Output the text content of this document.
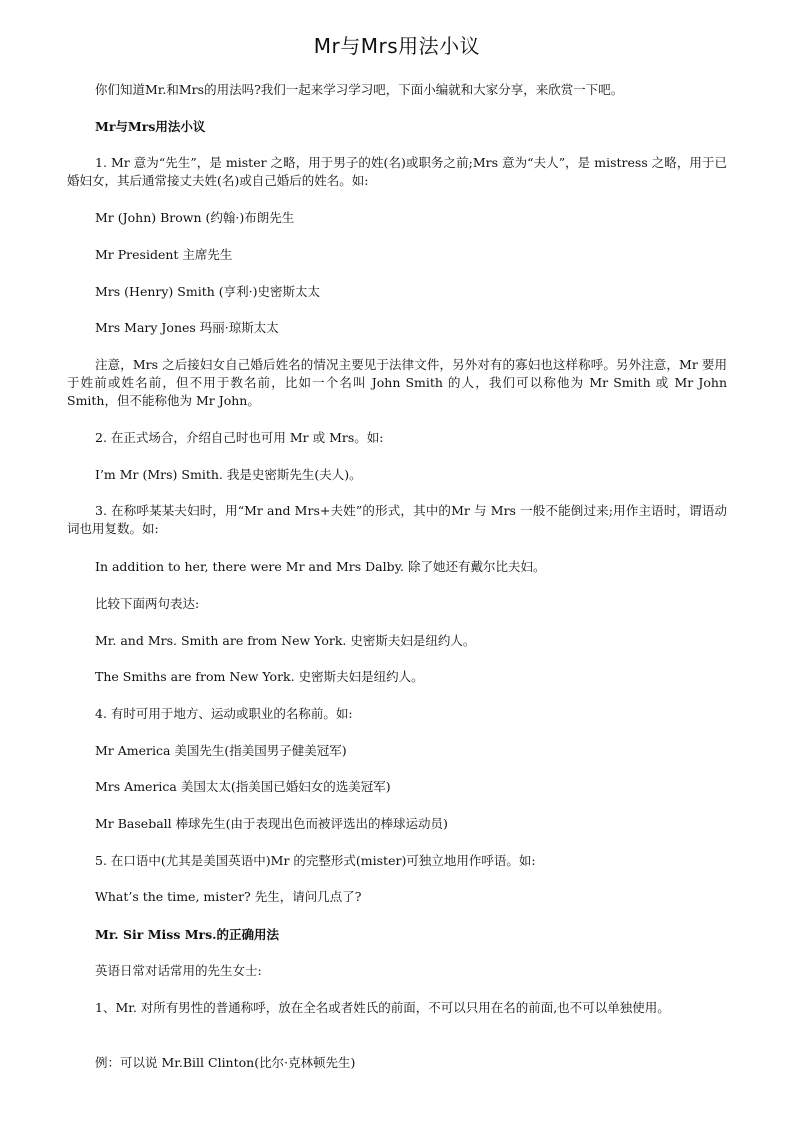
Mr与Mrs用法小议

你们知道Mr.和Mrs的用法吗?我们一起来学习学习吧，下面小编就和大家分享，来欣赏一下吧。

Mr与Mrs用法小议

1. Mr 意为“先生”，是 mister 之略，用于男子的姓(名)或职务之前;Mrs 意为“夫人”，是 mistress 之略，用于已婚妇女，其后通常接丈夫姓(名)或自己婚后的姓名。如:

Mr (John) Brown (约翰·)布朗先生

Mr President 主席先生

Mrs (Henry) Smith (亨利·)史密斯太太

Mrs Mary Jones 玛丽·琼斯太太

注意，Mrs 之后接妇女自己婚后姓名的情况主要见于法律文件，另外对有的寡妇也这样称呼。另外注意，Mr 要用于姓前或姓名前，但不用于教名前，比如一个名叫 John Smith 的人，我们可以称他为 Mr Smith 或 Mr John Smith，但不能称他为 Mr John。

2. 在正式场合，介绍自己时也可用 Mr 或 Mrs。如:

I’m Mr (Mrs) Smith. 我是史密斯先生(夫人)。

3. 在称呼某某夫妇时，用“Mr and Mrs+夫姓”的形式，其中的Mr 与 Mrs 一般不能倒过来;用作主语时，谓语动词也用复数。如:

In addition to her, there were Mr and Mrs Dalby. 除了她还有戴尔比夫妇。

比较下面两句表达:

Mr. and Mrs. Smith are from New York. 史密斯夫妇是纽约人。

The Smiths are from New York. 史密斯夫妇是纽约人。

4. 有时可用于地方、运动或职业的名称前。如:

Mr America 美国先生(指美国男子健美冠军)

Mrs America 美国太太(指美国已婚妇女的选美冠军)

Mr Baseball 棒球先生(由于表现出色而被评选出的棒球运动员)

5. 在口语中(尤其是美国英语中)Mr 的完整形式(mister)可独立地用作呼语。如:

What’s the time, mister? 先生，请问几点了?

Mr. Sir Miss Mrs.的正确用法

英语日常对话常用的先生女士:

1、Mr. 对所有男性的普通称呼，放在全名或者姓氏的前面，不可以只用在名的前面,也不可以单独使用。

例：可以说 Mr.Bill Clinton(比尔·克林顿先生)
